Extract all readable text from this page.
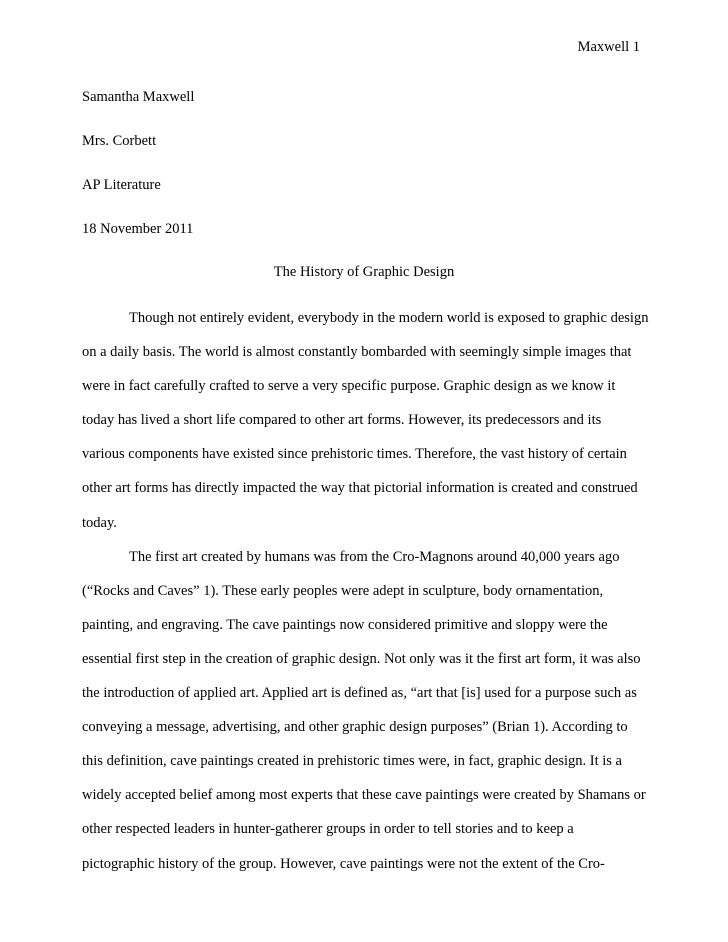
Maxwell 1
Samantha Maxwell
Mrs. Corbett
AP Literature
18 November 2011
The History of Graphic Design
Though not entirely evident, everybody in the modern world is exposed to graphic design
on a daily basis. The world is almost constantly bombarded with seemingly simple images that
were in fact carefully crafted to serve a very specific purpose. Graphic design as we know it
today has lived a short life compared to other art forms. However, its predecessors and its
various components have existed since prehistoric times. Therefore, the vast history of certain
other art forms has directly impacted the way that pictorial information is created and construed
today.
The first art created by humans was from the Cro-Magnons around 40,000 years ago
(“Rocks and Caves” 1). These early peoples were adept in sculpture, body ornamentation,
painting, and engraving. The cave paintings now considered primitive and sloppy were the
essential first step in the creation of graphic design. Not only was it the first art form, it was also
the introduction of applied art. Applied art is defined as, “art that [is] used for a purpose such as
conveying a message, advertising, and other graphic design purposes” (Brian 1). According to
this definition, cave paintings created in prehistoric times were, in fact, graphic design. It is a
widely accepted belief among most experts that these cave paintings were created by Shamans or
other respected leaders in hunter-gatherer groups in order to tell stories and to keep a
pictographic history of the group. However, cave paintings were not the extent of the Cro-
